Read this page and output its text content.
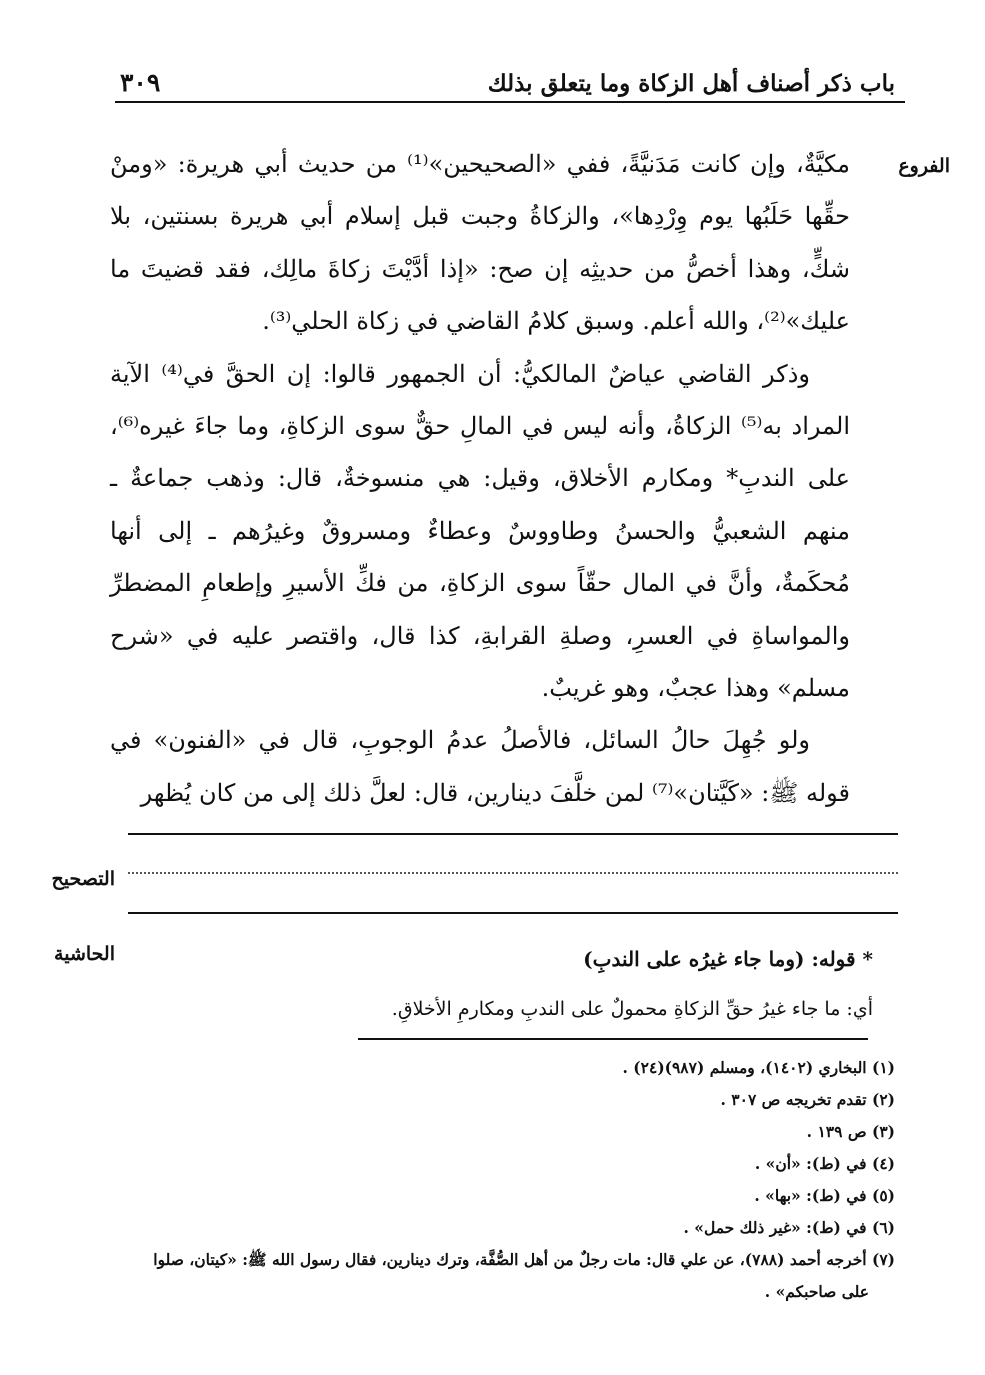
باب ذكر أصناف أهل الزكاة وما يتعلق بذلك
٣٠٩
الفروع

مكيَّةٌ، وإن كانت مَدَنيَّةً، ففي «الصحيحين»⁽¹⁾ من حديث أبي هريرة: «ومنْ حقِّها حَلَبُها يوم وِرْدِها»، والزكاةُ وجبت قبل إسلام أبي هريرة بسنتين، بلا شكٍّ، وهذا أخصُّ من حديثِه إن صح: «إذا أدَّيْتَ زكاةَ مالِك، فقد قضيتَ ما عليك»⁽²⁾، والله أعلم. وسبق كلامُ القاضي في زكاة الحلي⁽³⁾.

وذكر القاضي عياضٌ المالكيُّ: أن الجمهور قالوا: إن الحقَّ في⁽⁴⁾ الآية المراد به⁽⁵⁾ الزكاةُ، وأنه ليس في المالِ حقٌّ سوى الزكاةِ، وما جاءَ غيره⁽⁶⁾، على الندبِ* ومكارم الأخلاق، وقيل: هي منسوخةٌ، قال: وذهب جماعةٌ ـ منهم الشعبيُّ والحسنُ وطاووسٌ وعطاءٌ ومسروقٌ وغيرُهم ـ إلى أنها مُحكَمةٌ، وأنَّ في المال حقّاً سوى الزكاةِ، من فكِّ الأسيرِ وإطعامِ المضطرِّ والمواساةِ في العسرِ، وصلةِ القرابةِ، كذا قال، واقتصر عليه في «شرح مسلم» وهذا عجبٌ، وهو غريبٌ.

ولو جُهِلَ حالُ السائل، فالأصلُ عدمُ الوجوبِ، قال في «الفنون» في قوله ﷺ: «كَيَّتان»⁽⁷⁾ لمن خلَّفَ دينارين، قال: لعلَّ ذلك إلى من كان يُظهر

التصحيح
الحاشية	* قوله: (وما جاء غيرُه على الندبِ)
أي: ما جاء غيرُ حقِّ الزكاةِ محمولٌ على الندبِ ومكارمِ الأخلاقِ.
(١) البخاري (١٤٠٢)، ومسلم (٩٨٧)(٢٤) .
(٢) تقدم تخريجه ص ٣٠٧ .
(٣) ص ١٣٩ .
(٤) في (ط): «أن» .
(٥) في (ط): «بها» .
(٦) في (ط): «غير ذلك حمل» .
(٧) أخرجه أحمد (٧٨٨)، عن علي قال: مات رجلٌ من أهل الصُّفَّة، وترك دينارين، فقال رسول الله ﷺ: «كيتان، صلوا
على صاحبكم» .
